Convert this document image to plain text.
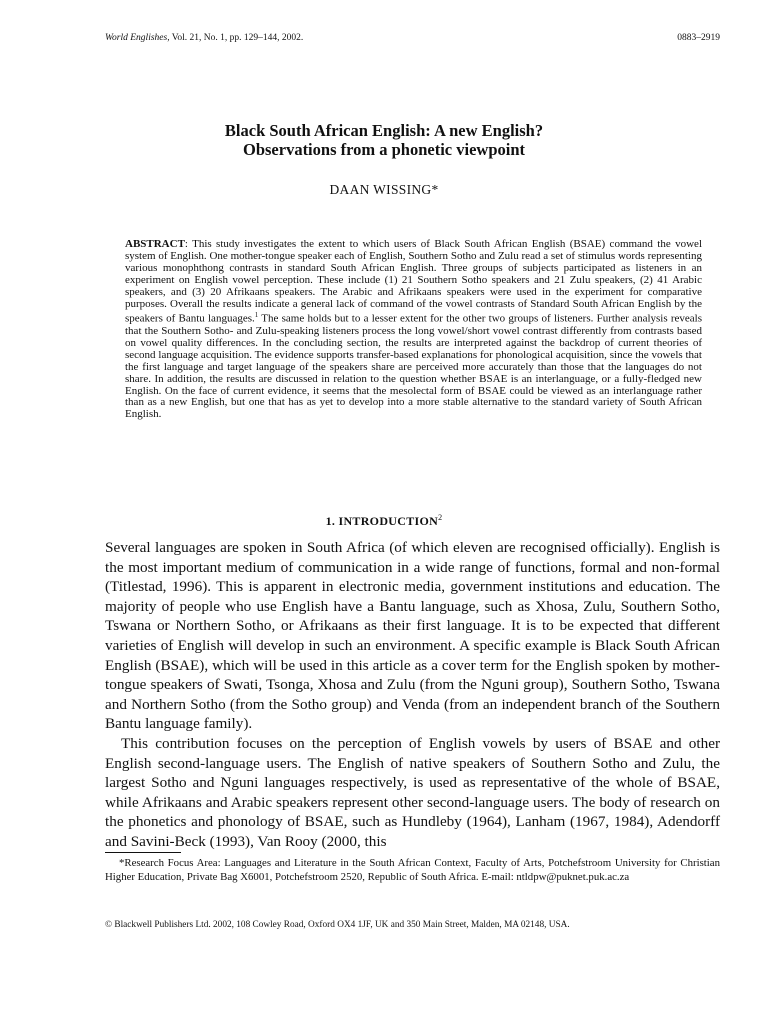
World Englishes, Vol. 21, No. 1, pp. 129–144, 2002.	0883–2919
Black South African English: A new English?
Observations from a phonetic viewpoint
DAAN WISSING*
ABSTRACT: This study investigates the extent to which users of Black South African English (BSAE) command the vowel system of English. One mother-tongue speaker each of English, Southern Sotho and Zulu read a set of stimulus words representing various monophthong contrasts in standard South African English. Three groups of subjects participated as listeners in an experiment on English vowel perception. These include (1) 21 Southern Sotho speakers and 21 Zulu speakers, (2) 41 Arabic speakers, and (3) 20 Afrikaans speakers. The Arabic and Afrikaans speakers were used in the experiment for comparative purposes. Overall the results indicate a general lack of command of the vowel contrasts of Standard South African English by the speakers of Bantu languages.$^1$ The same holds but to a lesser extent for the other two groups of listeners. Further analysis reveals that the Southern Sotho- and Zulu-speaking listeners process the long vowel/short vowel contrast differently from contrasts based on vowel quality differences. In the concluding section, the results are interpreted against the backdrop of current theories of second language acquisition. The evidence supports transfer-based explanations for phonological acquisition, since the vowels that the first language and target language of the speakers share are perceived more accurately than those that the languages do not share. In addition, the results are discussed in relation to the question whether BSAE is an interlanguage, or a fully-fledged new English. On the face of current evidence, it seems that the mesolectal form of BSAE could be viewed as an interlanguage rather than as a new English, but one that has as yet to develop into a more stable alternative to the standard variety of South African English.
1. INTRODUCTION$^2$

Several languages are spoken in South Africa (of which eleven are recognised officially). English is the most important medium of communication in a wide range of functions, formal and non-formal (Titlestad, 1996). This is apparent in electronic media, government institutions and education. The majority of people who use English have a Bantu language, such as Xhosa, Zulu, Southern Sotho, Tswana or Northern Sotho, or Afrikaans as their first language. It is to be expected that different varieties of English will develop in such an environment. A specific example is Black South African English (BSAE), which will be used in this article as a cover term for the English spoken by mother-tongue speakers of Swati, Tsonga, Xhosa and Zulu (from the Nguni group), Southern Sotho, Tswana and Northern Sotho (from the Sotho group) and Venda (from an independent branch of the Southern Bantu language family).

This contribution focuses on the perception of English vowels by users of BSAE and other English second-language users. The English of native speakers of Southern Sotho and Zulu, the largest Sotho and Nguni languages respectively, is used as representative of the whole of BSAE, while Afrikaans and Arabic speakers represent other second-language users. The body of research on the phonetics and phonology of BSAE, such as Hundleby (1964), Lanham (1967, 1984), Adendorff and Savini-Beck (1993), Van Rooy (2000, this

*Research Focus Area: Languages and Literature in the South African Context, Faculty of Arts, Potchefstroom University for Christian Higher Education, Private Bag X6001, Potchefstroom 2520, Republic of South Africa. E-mail: ntldpw@puknet.puk.ac.za
© Blackwell Publishers Ltd. 2002, 108 Cowley Road, Oxford OX4 1JF, UK and 350 Main Street, Malden, MA 02148, USA.
